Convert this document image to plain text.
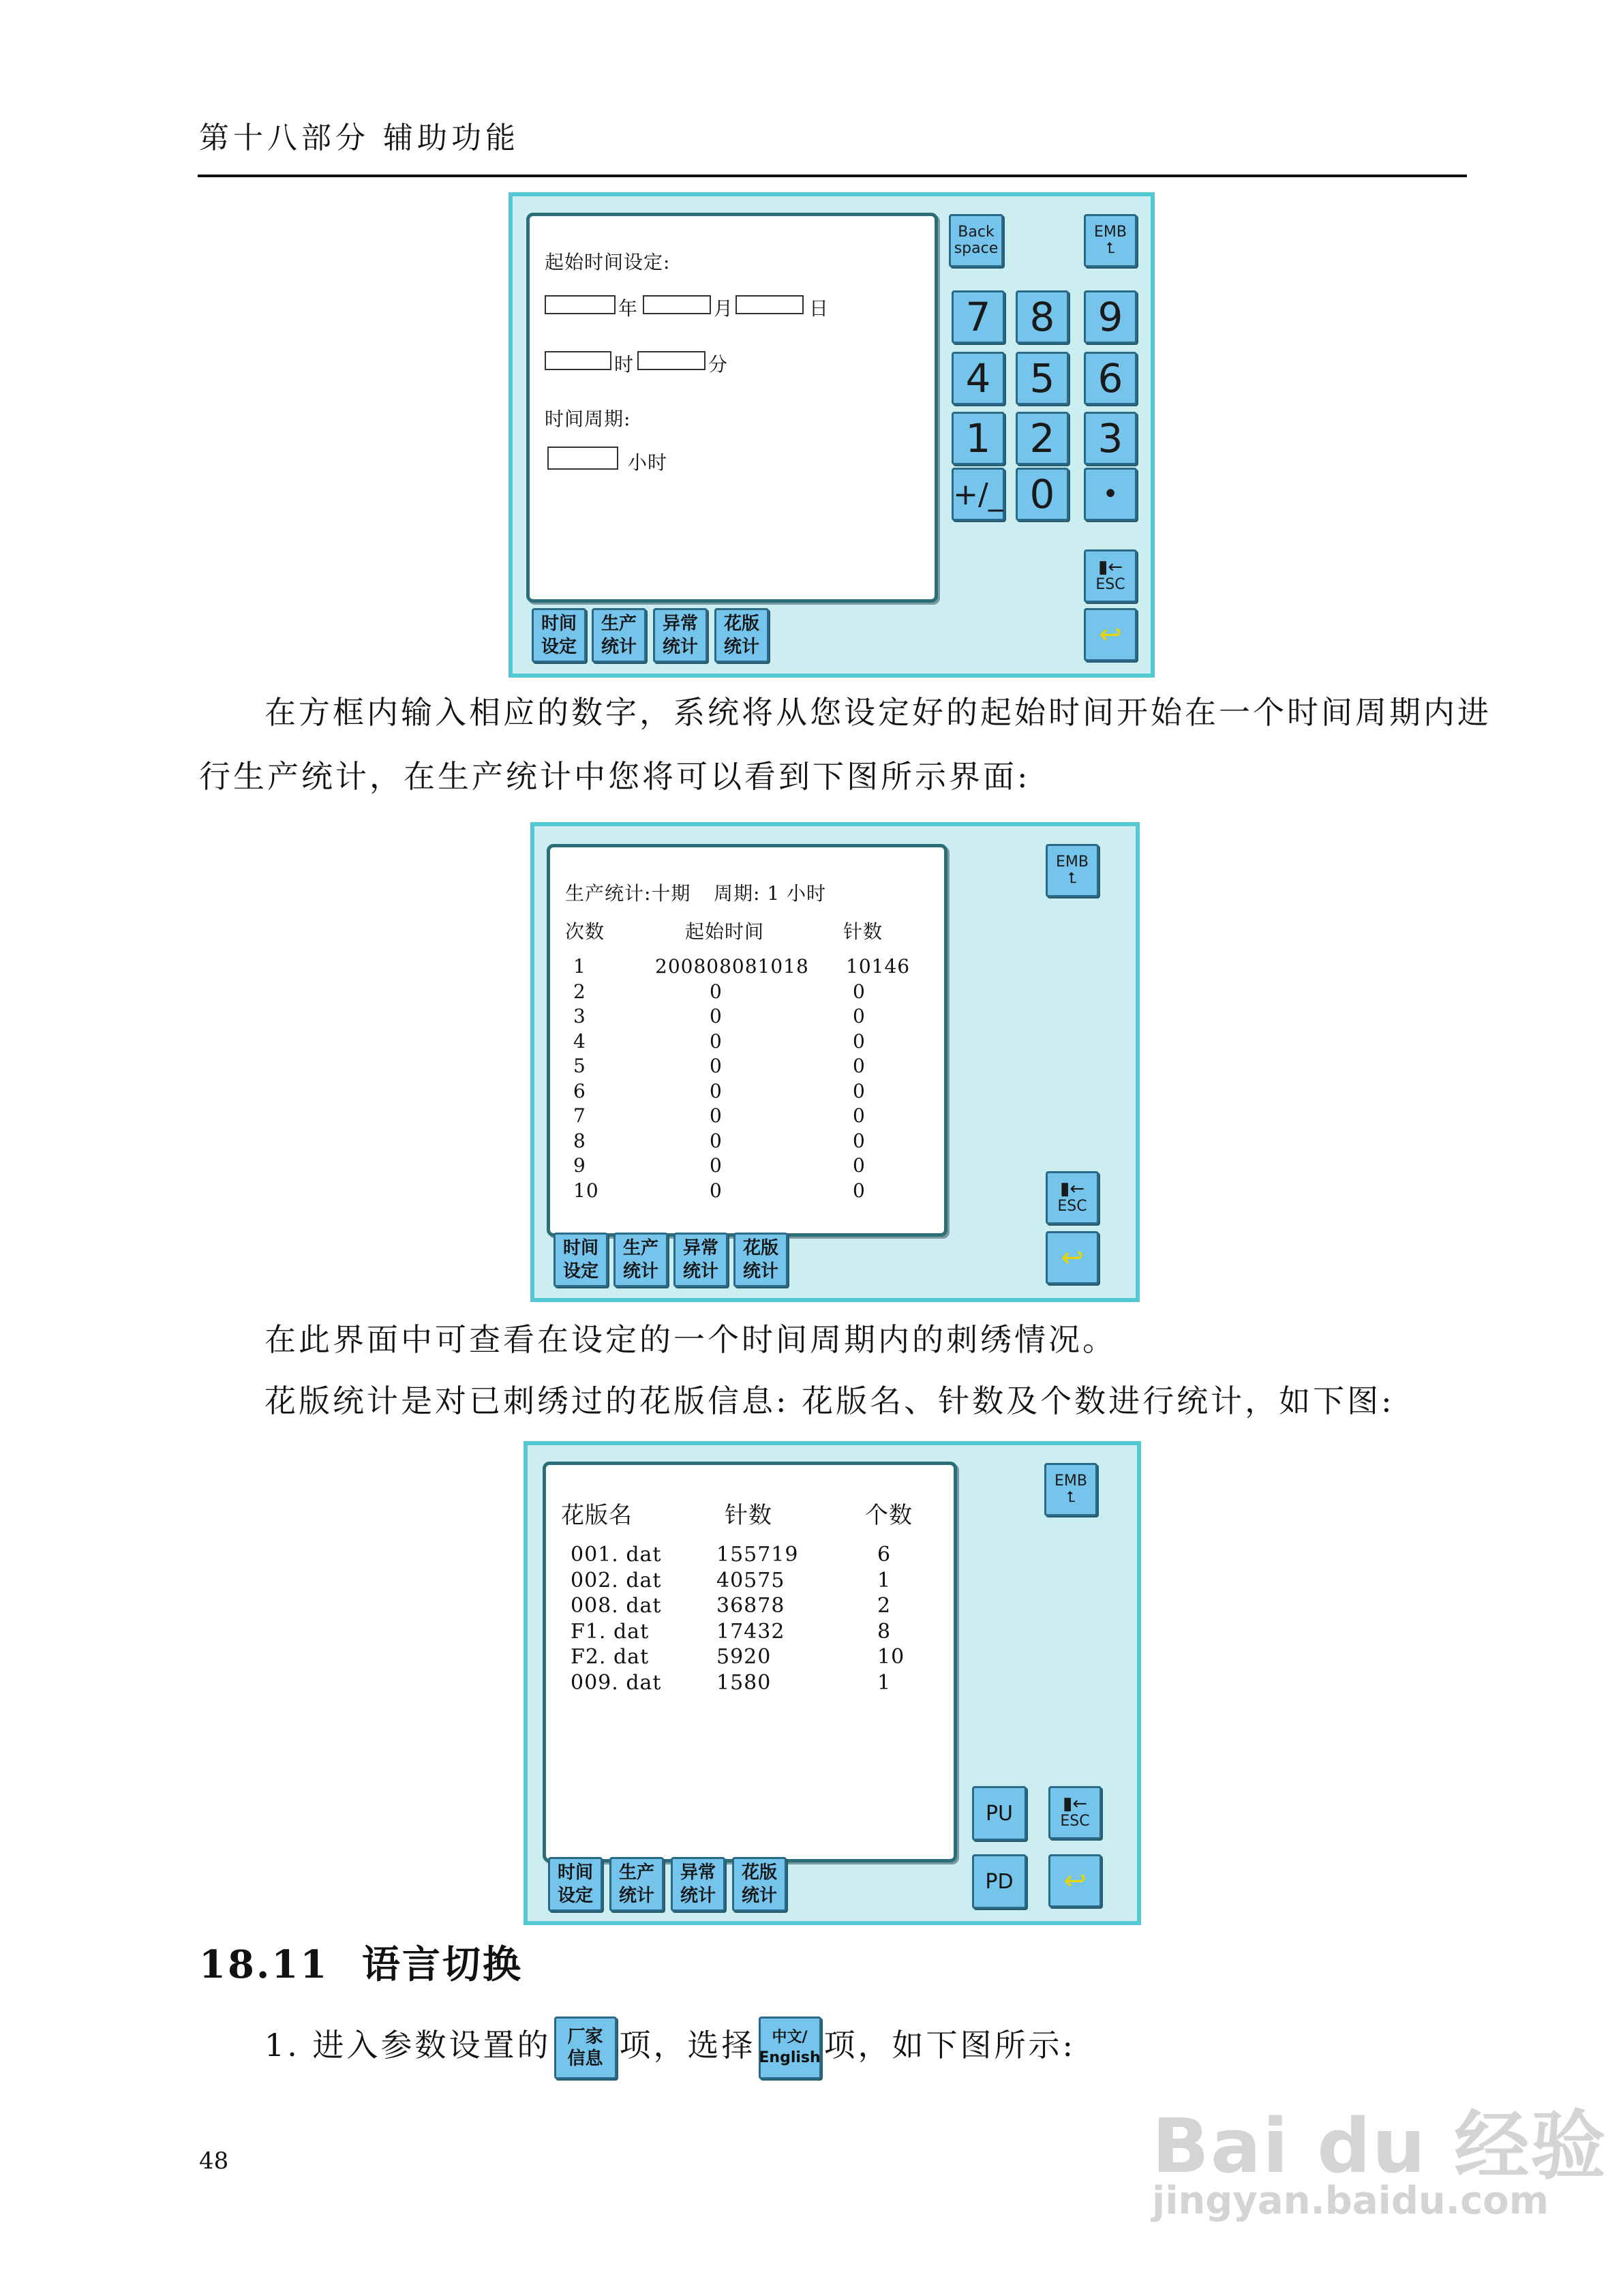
第十八部分 辅助功能
起始时间设定:
年	月	日
时	分
时间周期:
小时
Back space
EMB
⮤
7 8	9
4 5	6
1 2	3
+/_ 0	•
▮←
ESC
↩
时间
设定
生产
统计
异常
统计
花版
统计
在方框内输入相应的数字，系统将从您设定好的起始时间开始在一个时间周期内进
行生产统计，在生产统计中您将可以看到下图所示界面:
生产统计:十期 周期: 1 小时
次数	起始时间	针数
1	200808081018 10146
2	0	0
3	0	0
4	0	0
5	0	0
6	0	0
7	0	0
8	0	0
9	0	0
10	0	0
EMB
⮤
▮←
ESC
↩
时间
设定
生产
统计
异常
统计
花版
统计
在此界面中可查看在设定的一个时间周期内的刺绣情况。
花版统计是对已刺绣过的花版信息: 花版名、针数及个数进行统计，如下图:
花版名	针数	个数
001. dat	155719	6
002. dat	40575	1
008. dat	36878	2
F1. dat	17432	8
F2. dat	5920	10
009. dat	1580	1
EMB
⮤
PU	▮←
ESC
PD	↩
时间
设定
生产
统计
异常
统计
花版
统计
18.11 语言切换
1. 进入参数设置的 厂家
信息 项，选择	中文/
English 项，如下图所示:
48	Bai du 经验
jingyan.baidu.com
